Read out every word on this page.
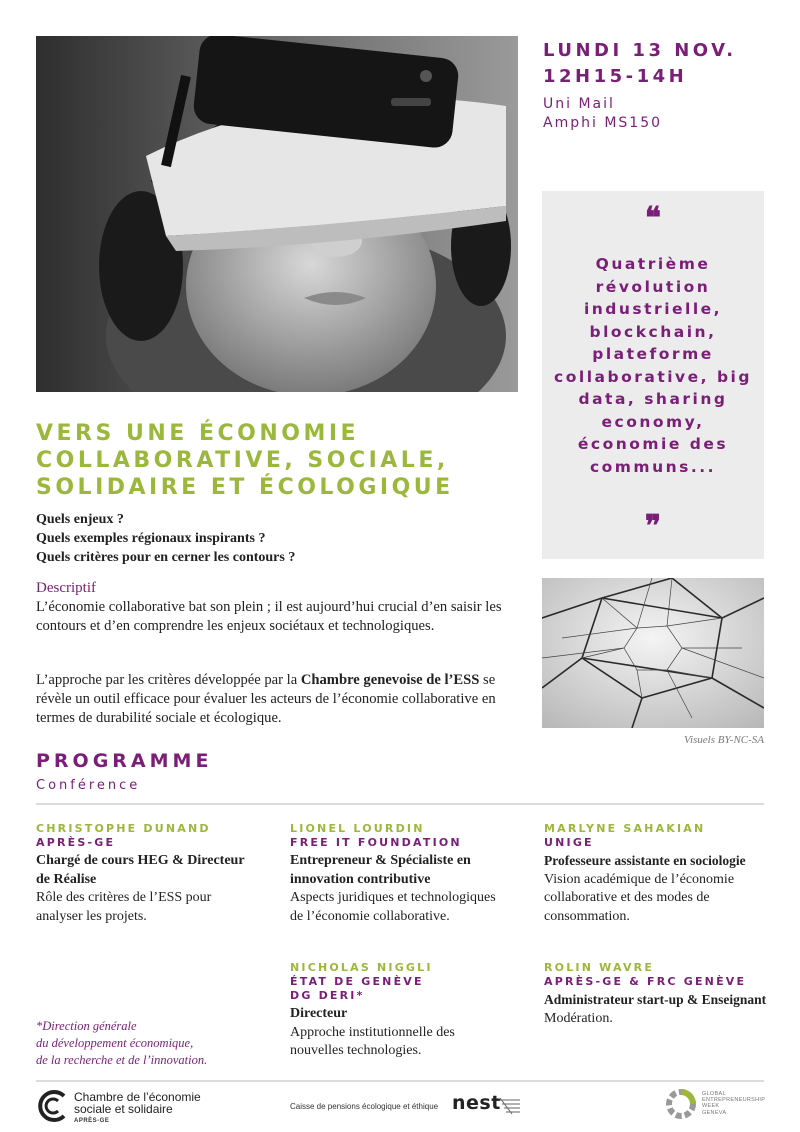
LUNDI 13 NOV.
12H15-14H
Uni Mail
Amphi MS150
❝
Quatrième révolution industrielle, blockchain, plateforme collaborative, big data, sharing economy, économie des communs...
❞
VERS UNE ÉCONOMIE
COLLABORATIVE, SOCIALE,
SOLIDAIRE ET ÉCOLOGIQUE
Quels enjeux ?
Quels exemples régionaux inspirants ?
Quels critères pour en cerner les contours ?
Descriptif
L’économie collaborative bat son plein ; il est aujourd’hui crucial d’en saisir les contours et d’en comprendre les enjeux sociétaux et technologiques.
L’approche par les critères développée par la Chambre genevoise de l’ESS se révèle un outil efficace pour évaluer les acteurs de l’économie collaborative en termes de durabilité sociale et écologique.
Visuels BY-NC-SA
PROGRAMME
Conférence
CHRISTOPHE DUNAND
APRÈS-GE
Chargé de cours HEG & Directeur de Réalise
Rôle des critères de l’ESS pour analyser les projets.
LIONEL LOURDIN
FREE IT FOUNDATION
Entrepreneur & Spécialiste en innovation contributive
Aspects juridiques et technologiques de l’économie collaborative.
MARLYNE SAHAKIAN
UNIGE
Professeure assistante en sociologie
Vision académique de l’économie collaborative et des modes de consommation.
NICHOLAS NIGGLI
ÉTAT DE GENÈVE
DG DERI*
Directeur
Approche institutionnelle des nouvelles technologies.
ROLIN WAVRE
APRÈS-GE & FRC GENÈVE
Administrateur start-up & Enseignant
Modération.
*Direction générale
du développement économique,
de la recherche et de l’innovation.
Chambre de l’économie
sociale et solidaire
APRÈS-GE
Caisse de pensions écologique et éthique nest	GLOBAL
ENTREPRENEURSHIP
WEEK
GENEVA
